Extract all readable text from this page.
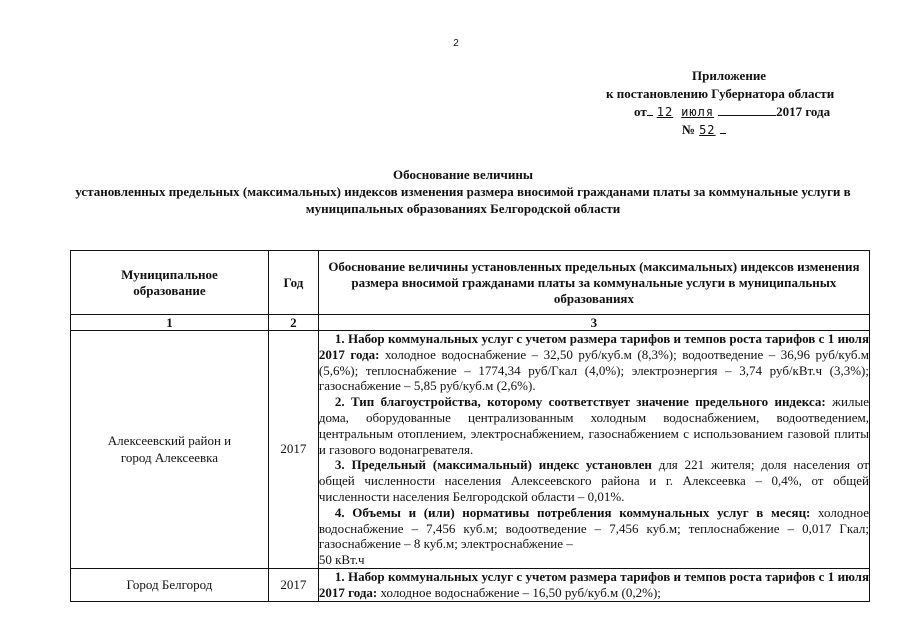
2
Приложение
к постановлению Губернатора области
от 12 июля	2017 года
№ 52
Обоснование величины
установленных предельных (максимальных) индексов изменения размера вносимой гражданами платы за коммунальные услуги в муниципальных образованиях Белгородской области
Муниципальное образование	Год	Обоснование величины установленных предельных (максимальных) индексов изменения размера вносимой гражданами платы за коммунальные услуги в муниципальных образованиях
1	2	3
Алексеевский район и город Алексеевка	2017	1. Набор коммунальных услуг с учетом размера тарифов и темпов роста тарифов с 1 июля 2017 года: холодное водоснабжение – 32,50 руб/куб.м (8,3%); водоотведение – 36,96 руб/куб.м (5,6%); теплоснабжение – 1774,34 руб/Гкал (4,0%); электроэнергия – 3,74 руб/кВт.ч (3,3%); газоснабжение – 5,85 руб/куб.м (2,6%).

2. Тип благоустройства, которому соответствует значение предельного индекса: жилые дома, оборудованные централизованным холодным водоснабжением, водоотведением, центральным отоплением, электроснабжением, газоснабжением с использованием газовой плиты и газового водонагревателя.

3. Предельный (максимальный) индекс установлен для 221 жителя; доля населения от общей численности населения Алексеевского района и г. Алексеевка – 0,4%, от общей численности населения Белгородской области – 0,01%.

4. Объемы и (или) нормативы потребления коммунальных услуг в месяц: холодное водоснабжение – 7,456 куб.м; водоотведение – 7,456 куб.м; теплоснабжение – 0,017 Гкал; газоснабжение – 8 куб.м; электроснабжение –

50 кВт.ч

Город Белгород	2017	1. Набор коммунальных услуг с учетом размера тарифов и темпов роста тарифов с 1 июля 2017 года: холодное водоснабжение – 16,50 руб/куб.м (0,2%);
